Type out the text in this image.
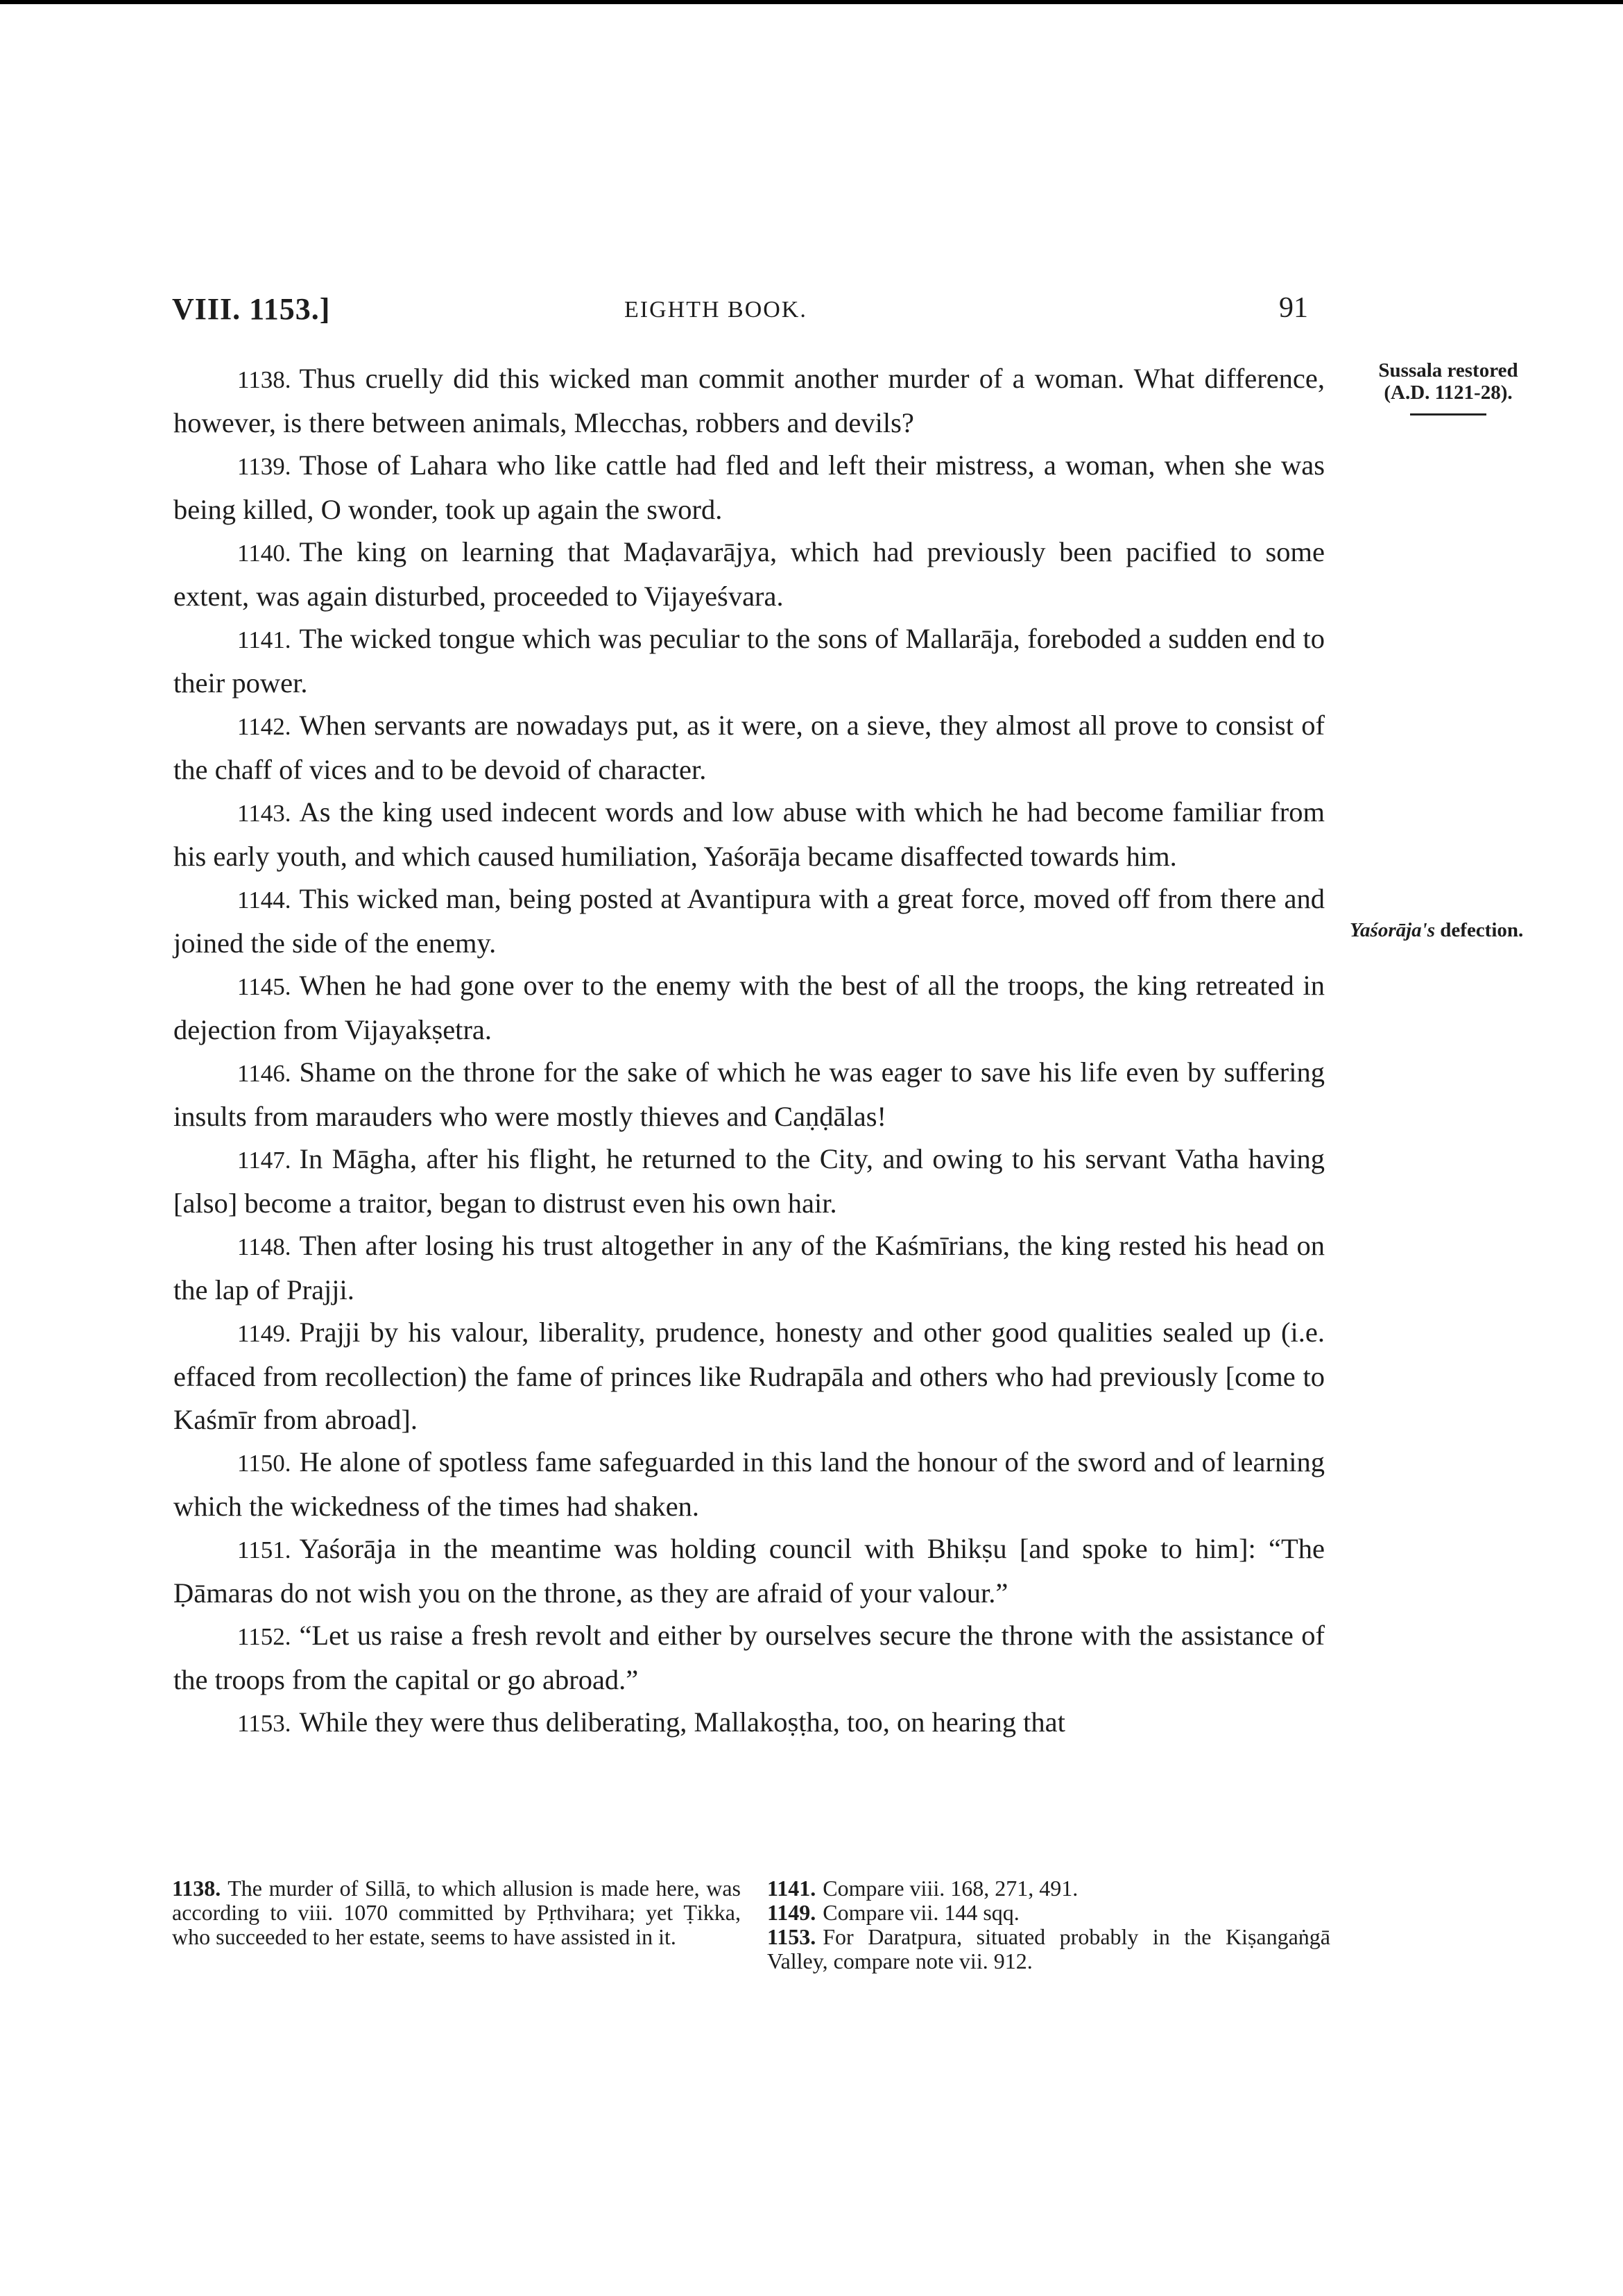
VIII. 1153.]	EIGHTH BOOK.	91
Sussala restored
(A.D. 1121-28).
Yaśorāja's defection.

1138. Thus cruelly did this wicked man commit another murder of a woman. What difference, however, is there between animals, Mlecchas, robbers and devils?

1139. Those of Lahara who like cattle had fled and left their mistress, a woman, when she was being killed, O wonder, took up again the sword.

1140. The king on learning that Maḍavarājya, which had previously been pacified to some extent, was again disturbed, proceeded to Vijayeśvara.

1141. The wicked tongue which was peculiar to the sons of Mallarāja, foreboded a sudden end to their power.

1142. When servants are nowadays put, as it were, on a sieve, they almost all prove to consist of the chaff of vices and to be devoid of character.

1143. As the king used indecent words and low abuse with which he had become familiar from his early youth, and which caused humiliation, Yaśorāja became disaffected towards him.

1144. This wicked man, being posted at Avantipura with a great force, moved off from there and joined the side of the enemy.

1145. When he had gone over to the enemy with the best of all the troops, the king retreated in dejection from Vijayakṣetra.

1146. Shame on the throne for the sake of which he was eager to save his life even by suffering insults from marauders who were mostly thieves and Caṇḍālas!

1147. In Māgha, after his flight, he returned to the City, and owing to his servant Vatha having [also] become a traitor, began to distrust even his own hair.

1148. Then after losing his trust altogether in any of the Kaśmīrians, the king rested his head on the lap of Prajji.

1149. Prajji by his valour, liberality, prudence, honesty and other good qualities sealed up (i.e. effaced from recollection) the fame of princes like Rudrapāla and others who had previously [come to Kaśmīr from abroad].

1150. He alone of spotless fame safeguarded in this land the honour of the sword and of learning which the wickedness of the times had shaken.

1151. Yaśorāja in the meantime was holding council with Bhikṣu [and spoke to him]: “The Ḍāmaras do not wish you on the throne, as they are afraid of your valour.”

1152. “Let us raise a fresh revolt and either by ourselves secure the throne with the assistance of the troops from the capital or go abroad.”

1153. While they were thus deliberating, Mallakoṣṭha, too, on hearing that

1138. The murder of Sillā, to which allusion is made here, was according to viii. 1070 committed by Pṛthvihara; yet Ṭikka, who succeeded to her estate, seems to have assisted in it.

1141. Compare viii. 168, 271, 491.

1149. Compare vii. 144 sqq.

1153. For Daratpura, situated probably in the Kiṣangaṅgā Valley, compare note vii. 912.
